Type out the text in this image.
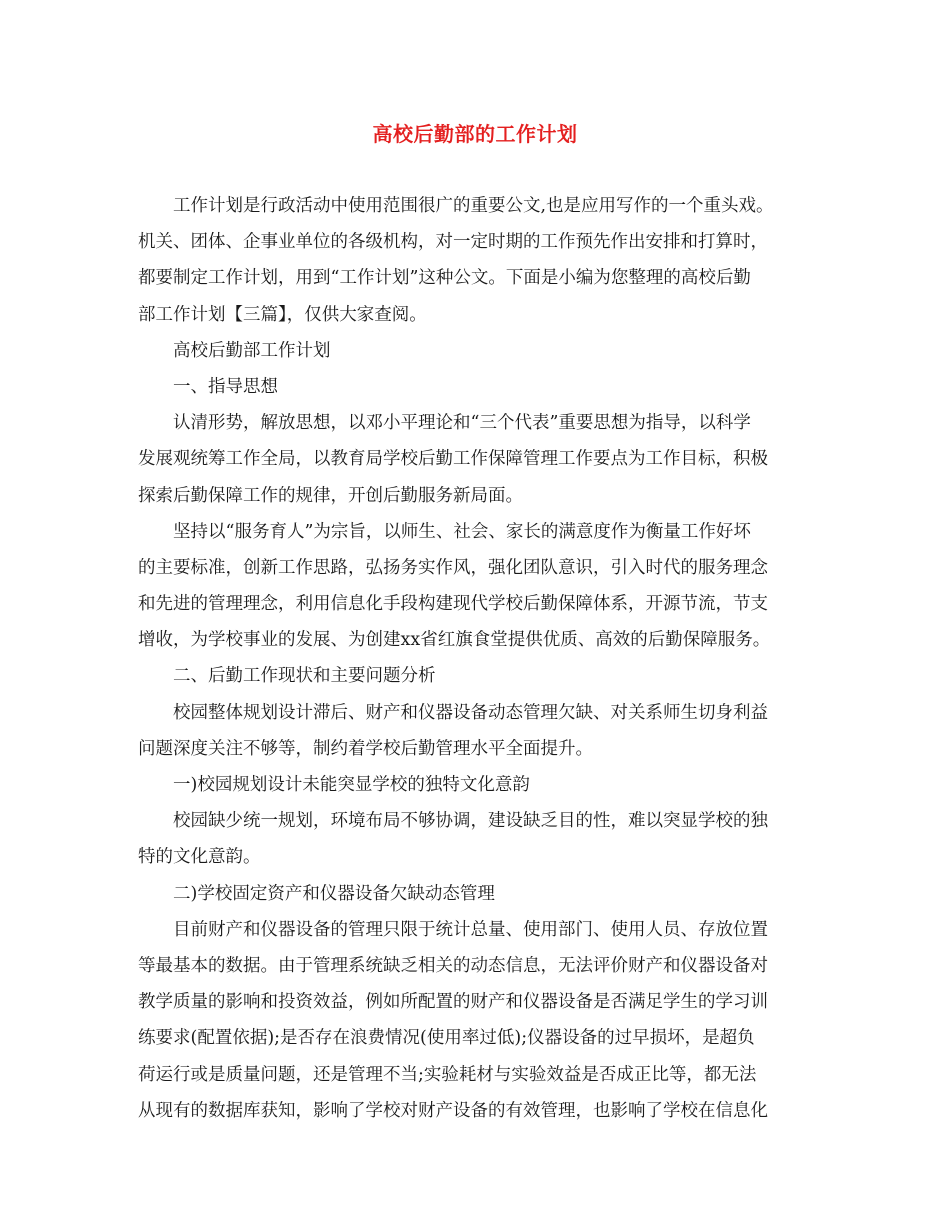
高校后勤部的工作计划
工作计划是行政活动中使用范围很广的重要公文,也是应用写作的一个重头戏。
机关、团体、企事业单位的各级机构，对一定时期的工作预先作出安排和打算时，
都要制定工作计划，用到“工作计划”这种公文。下面是小编为您整理的高校后勤
部工作计划【三篇】，仅供大家查阅。
高校后勤部工作计划
一、指导思想
认清形势，解放思想，以邓小平理论和“三个代表”重要思想为指导，以科学
发展观统筹工作全局，以教育局学校后勤工作保障管理工作要点为工作目标，积极
探索后勤保障工作的规律，开创后勤服务新局面。
坚持以“服务育人”为宗旨，以师生、社会、家长的满意度作为衡量工作好坏
的主要标准，创新工作思路，弘扬务实作风，强化团队意识，引入时代的服务理念
和先进的管理理念，利用信息化手段构建现代学校后勤保障体系，开源节流，节支
增收，为学校事业的发展、为创建xx省红旗食堂提供优质、高效的后勤保障服务。
二、后勤工作现状和主要问题分析
校园整体规划设计滞后、财产和仪器设备动态管理欠缺、对关系师生切身利益
问题深度关注不够等，制约着学校后勤管理水平全面提升。
一)校园规划设计未能突显学校的独特文化意韵
校园缺少统一规划，环境布局不够协调，建设缺乏目的性，难以突显学校的独
特的文化意韵。
二)学校固定资产和仪器设备欠缺动态管理
目前财产和仪器设备的管理只限于统计总量、使用部门、使用人员、存放位置
等最基本的数据。由于管理系统缺乏相关的动态信息，无法评价财产和仪器设备对
教学质量的影响和投资效益，例如所配置的财产和仪器设备是否满足学生的学习训
练要求(配置依据);是否存在浪费情况(使用率过低);仪器设备的过早损坏，是超负
荷运行或是质量问题，还是管理不当;实验耗材与实验效益是否成正比等，都无法
从现有的数据库获知，影响了学校对财产设备的有效管理，也影响了学校在信息化
